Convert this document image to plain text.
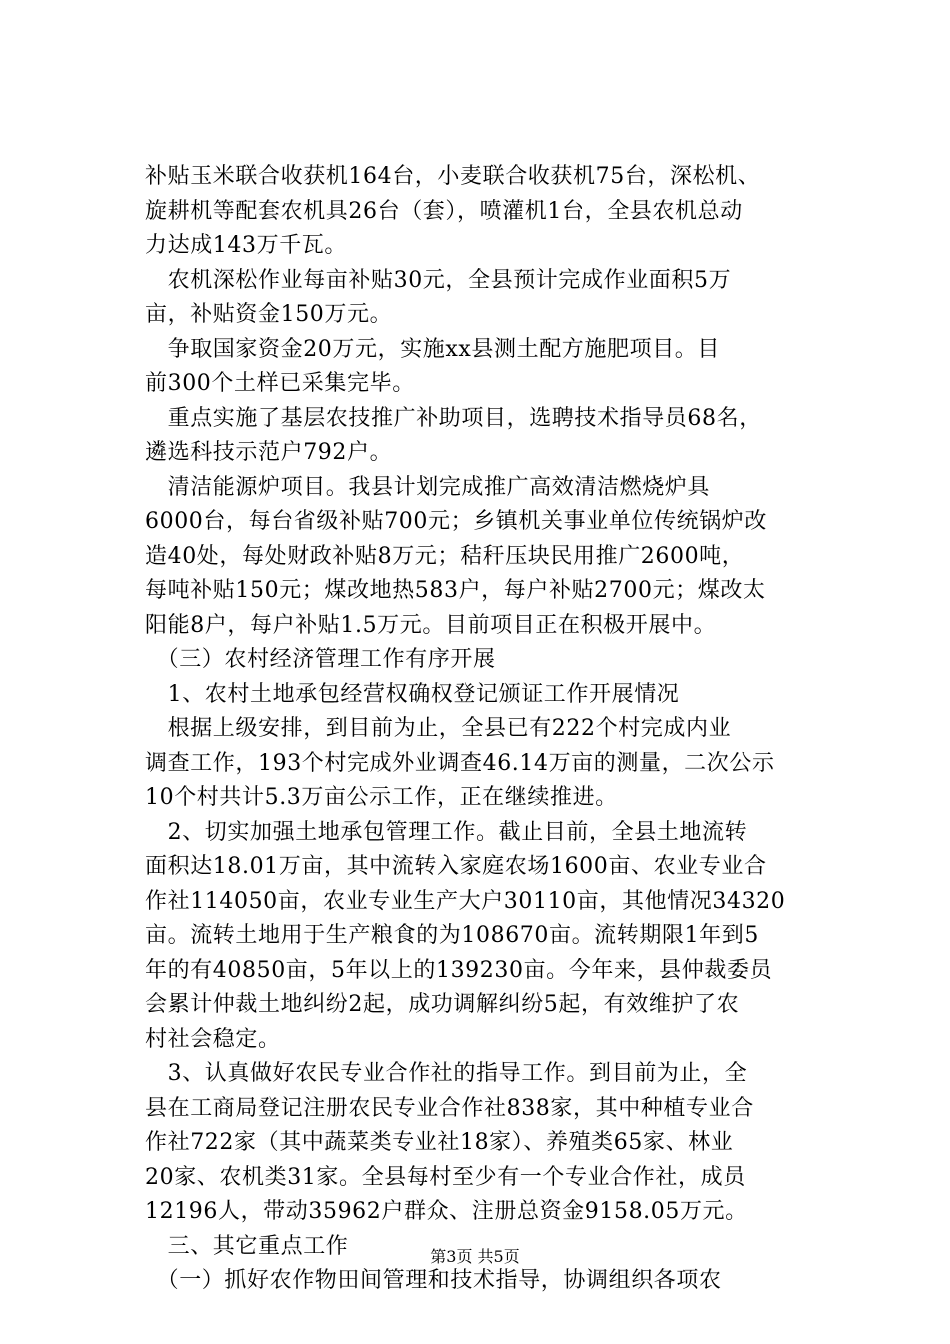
补贴玉米联合收获机164台，小麦联合收获机75台，深松机、
旋耕机等配套农机具26台（套），喷灌机1台，全县农机总动
力达成143万千瓦。
　农机深松作业每亩补贴30元，全县预计完成作业面积5万
亩，补贴资金150万元。
　争取国家资金20万元，实施xx县测土配方施肥项目。目
前300个土样已采集完毕。
　重点实施了基层农技推广补助项目，选聘技术指导员68名，
遴选科技示范户792户。
　清洁能源炉项目。我县计划完成推广高效清洁燃烧炉具
6000台，每台省级补贴700元；乡镇机关事业单位传统锅炉改
造40处，每处财政补贴8万元；秸秆压块民用推广2600吨，
每吨补贴150元；煤改地热583户，每户补贴2700元；煤改太
阳能8户，每户补贴1.5万元。目前项目正在积极开展中。
　（三）农村经济管理工作有序开展
　1、农村土地承包经营权确权登记颁证工作开展情况
　根据上级安排，到目前为止，全县已有222个村完成内业
调查工作，193个村完成外业调查46.14万亩的测量，二次公示
10个村共计5.3万亩公示工作，正在继续推进。
　2、切实加强土地承包管理工作。截止目前，全县土地流转
面积达18.01万亩，其中流转入家庭农场1600亩、农业专业合
作社114050亩，农业专业生产大户30110亩，其他情况34320
亩。流转土地用于生产粮食的为108670亩。流转期限1年到5
年的有40850亩，5年以上的139230亩。今年来，县仲裁委员
会累计仲裁土地纠纷2起，成功调解纠纷5起，有效维护了农
村社会稳定。
　3、认真做好农民专业合作社的指导工作。到目前为止，全
县在工商局登记注册农民专业合作社838家，其中种植专业合
作社722家（其中蔬菜类专业社18家）、养殖类65家、林业
20家、农机类31家。全县每村至少有一个专业合作社，成员
12196人，带动35962户群众、注册总资金9158.05万元。
　三、其它重点工作
　（一）抓好农作物田间管理和技术指导，协调组织各项农
第3页 共5页
